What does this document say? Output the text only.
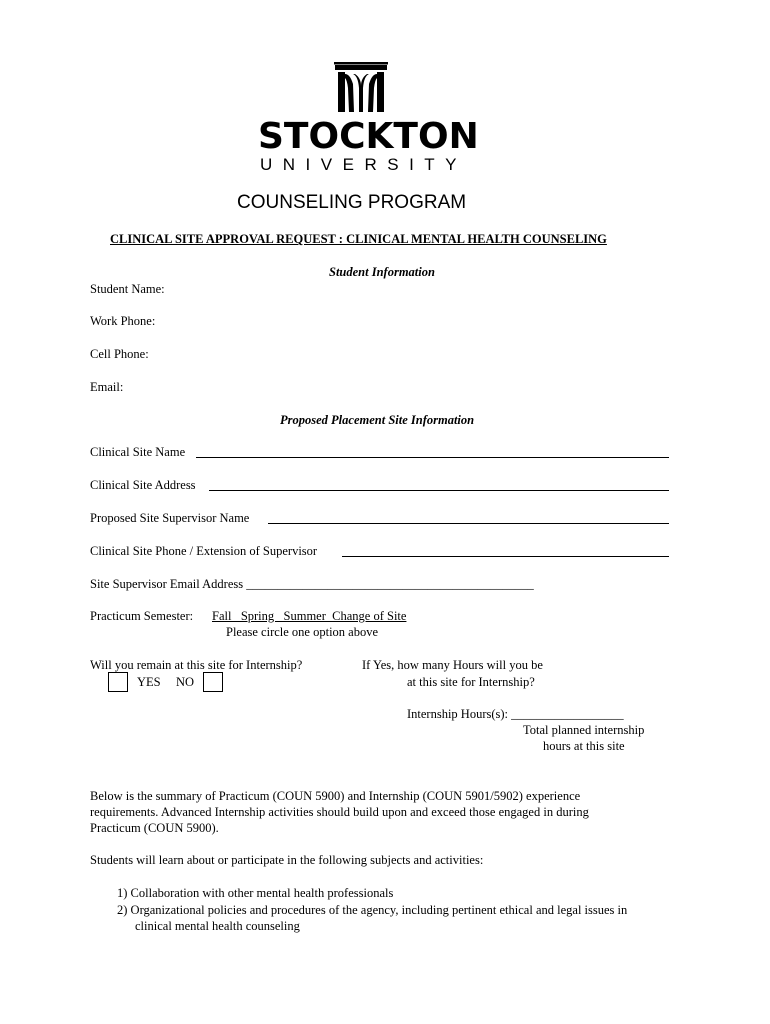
STOCKTON
UNIVERSITY
COUNSELING PROGRAM
CLINICAL SITE APPROVAL REQUEST : CLINICAL MENTAL HEALTH COUNSELING
Student Information
Student Name:
Work Phone:
Cell Phone:
Email:
Proposed Placement Site Information
Clinical Site Name
Clinical Site Address
Proposed Site Supervisor Name
Clinical Site Phone / Extension of Supervisor
Site Supervisor Email Address ______________________________________________
Practicum Semester: Fall   Spring   Summer  Change of Site
Please circle one option above
Will you remain at this site for Internship?
YES NO
If Yes, how many Hours will you be
at this site for Internship?
Internship Hours(s): __________________
Total planned internship
hours at this site
Below is the summary of Practicum (COUN 5900) and Internship (COUN 5901/5902) experience
requirements. Advanced Internship activities should build upon and exceed those engaged in during
Practicum (COUN 5900).
Students will learn about or participate in the following subjects and activities:
1) Collaboration with other mental health professionals
2) Organizational policies and procedures of the agency, including pertinent ethical and legal issues in
clinical mental health counseling
